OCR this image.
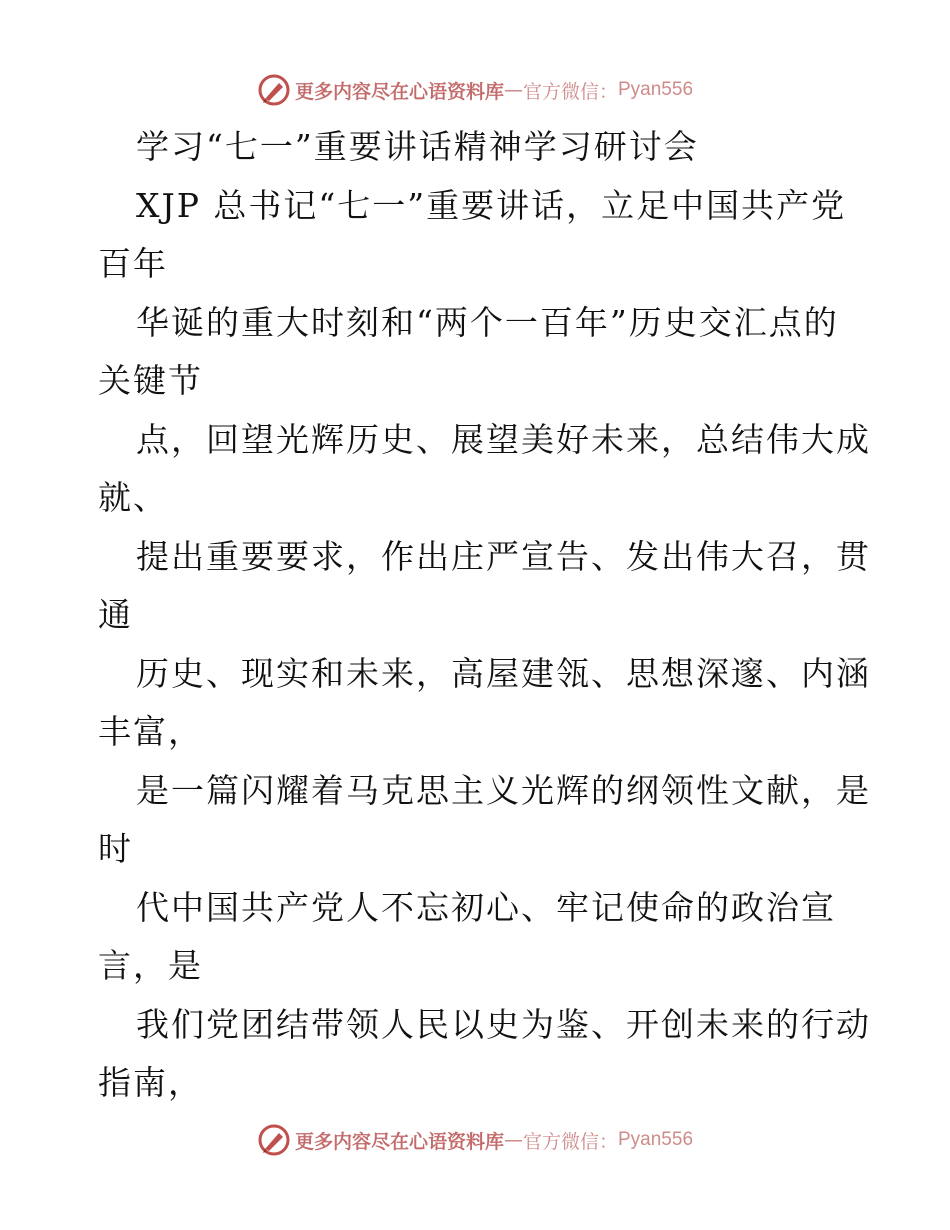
更多内容尽在心语资料库 — 官方微信： Pyan556
学习“七一”重要讲话精神学习研讨会
XJP 总书记“七一”重要讲话，立足中国共产党
百年
华诞的重大时刻和“两个一百年”历史交汇点的
关键节
点，回望光辉历史、展望美好未来，总结伟大成
就、
提出重要要求，作出庄严宣告、发出伟大召，贯
通
历史、现实和未来，高屋建瓴、思想深邃、内涵
丰富，
是一篇闪耀着马克思主义光辉的纲领性文献，是
时
代中国共产党人不忘初心、牢记使命的政治宣
言，是
我们党团结带领人民以史为鉴、开创未来的行动
指南，
更多内容尽在心语资料库 — 官方微信： Pyan556
